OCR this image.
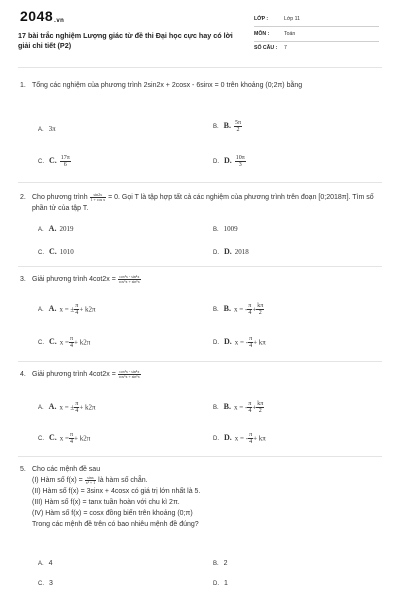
2048.vn
17 bài trắc nghiệm Lượng giác từ đề thi Đại học cực hay có lời giải chi tiết (P2)
LỚP :	Lớp 11
MÔN :	Toán
SỐ CÂU : 7
1. Tổng các nghiệm của phương trình 2sin2x + 2cosx - 6sinx = 0 trên khoảng (0;2π) bằng
A. 3π	B. B. $\frac{5\pi}{2}$
C. C. $\frac{17\pi}{6}$	D. D. $\frac{10\pi}{3}$
2. Cho phương trình $\frac{\sin 2x}{\text{1 + cos x}} = 0$. Gọi T là tập hợp tất cả các nghiệm của phương trình trên đoạn [0;2018π]. Tìm số phần tử của tập T.
A. A. 2019	B. 1009
C. C. 1010	D. D. 2018
3. Giải phương trình $4\cot 2x = \frac{\text{cos⁴x - sin⁴x}}{\text{cos⁶x + sin⁶x}}$
A. A. x = ± $\frac{\pi}{4} + k2\pi$	B. B. x = - $\frac{\pi}{4} + \frac{k\pi}{2}$
C. C. $x = \frac{\pi}{4} + k2\pi$	D. D. x = - $\frac{\pi}{4} + k\pi$
4. Giải phương trình $4\cot 2x = \frac{\text{cos⁴x - sin⁴x}}{\text{cos⁶x + sin⁶x}}$
A. A. x = ± $\frac{\pi}{4} + k2\pi$	B. B. x = - $\frac{\pi}{4} + \frac{k\pi}{2}$
C. C. $x = \frac{\pi}{4} + k2\pi$	D. D. x = - $\frac{\pi}{4} + k\pi$
5. Cho các mệnh đề sau
(I) Hàm số $f(x) = \frac{\sin x}{\text{x² + 1}}$ là hàm số chẵn.
(II) Hàm số f(x) = 3sinx + 4cosx có giá trị lớn nhất là 5.
(III) Hàm số f(x) = tanx tuần hoàn với chu kì 2π.
(IV) Hàm số f(x) = cosx đồng biến trên khoảng (0;π)
Trong các mệnh đề trên có bao nhiêu mệnh đề đúng?
A. 4	B. 2
C. 3	D. 1
